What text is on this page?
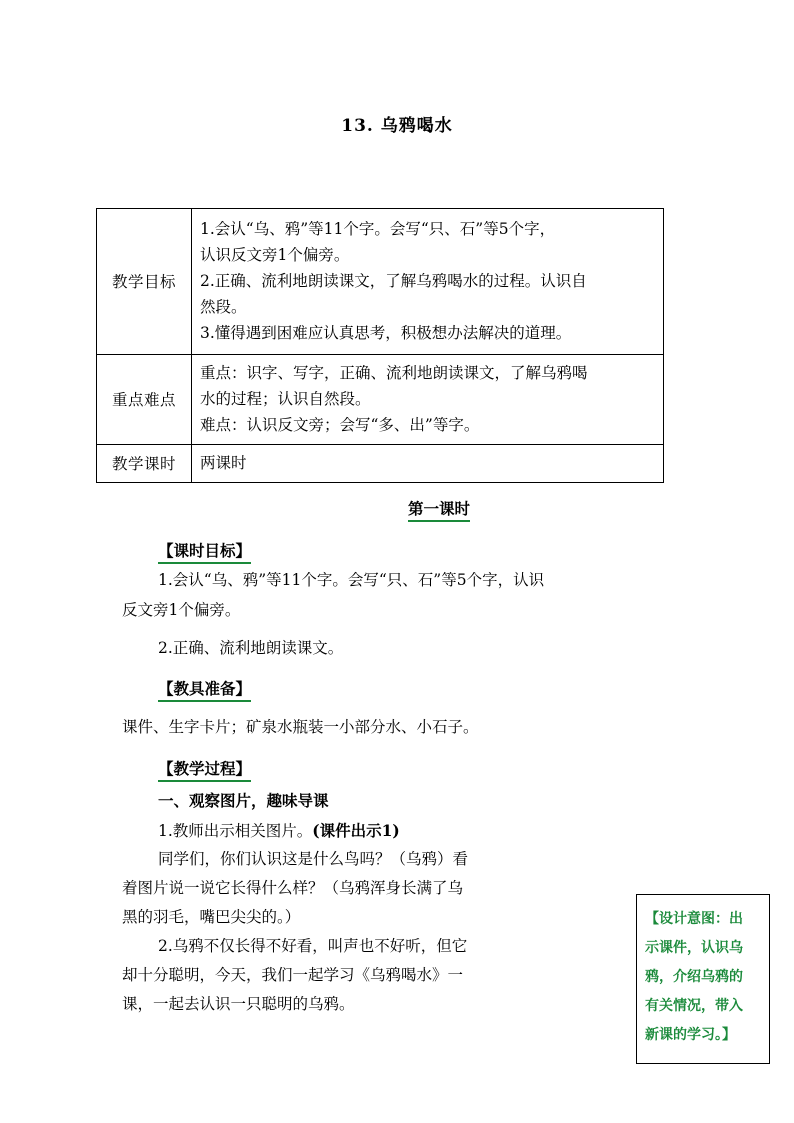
13. 乌鸦喝水
教学目标	1.会认“乌、鸦”等11个字。会写“只、石”等5个字，
认识反文旁1个偏旁。
2.正确、流利地朗读课文，了解乌鸦喝水的过程。认识自
然段。
3.懂得遇到困难应认真思考，积极想办法解决的道理。

重点难点	重点：识字、写字，正确、流利地朗读课文，了解乌鸦喝
水的过程；认识自然段。
难点：认识反文旁；会写“多、出”等字。

教学课时	两课时
第一课时
【课时目标】
1.会认“乌、鸦”等11个字。会写“只、石”等5个字，认识
反文旁1个偏旁。
2.正确、流利地朗读课文。
【教具准备】
课件、生字卡片；矿泉水瓶装一小部分水、小石子。
【教学过程】
一、观察图片，趣味导课
1.教师出示相关图片。(课件出示1)
同学们，你们认识这是什么鸟吗？（乌鸦）看
着图片说一说它长得什么样？（乌鸦浑身长满了乌
黑的羽毛，嘴巴尖尖的。）
2.乌鸦不仅长得不好看，叫声也不好听，但它
却十分聪明，今天，我们一起学习《乌鸦喝水》一
课，一起去认识一只聪明的乌鸦。
【设计意图：出
示课件，认识乌
鸦，介绍乌鸦的
有关情况，带入
新课的学习。】
